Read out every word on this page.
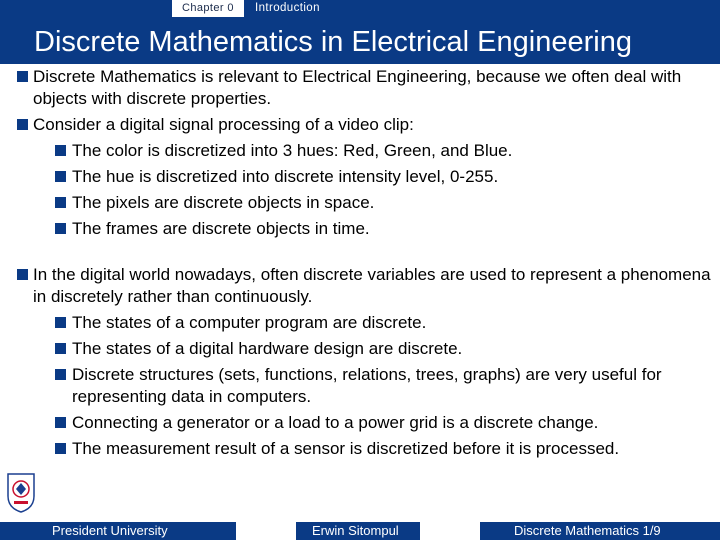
Chapter 0	Introduction
Discrete Mathematics in Electrical Engineering
Discrete Mathematics is relevant to Electrical Engineering, because we often deal with objects with discrete properties.
Consider a digital signal processing of a video clip:
The color is discretized into 3 hues: Red, Green, and Blue.
The hue is discretized into discrete intensity level, 0-255.
The pixels are discrete objects in space.
The frames are discrete objects in time.
In the digital world nowadays, often discrete variables are used to represent a phenomena in discretely rather than continuously.
The states of a computer program are discrete.
The states of a digital hardware design are discrete.
Discrete structures (sets, functions, relations, trees, graphs) are very useful for representing data in computers.
Connecting a generator or a load to a power grid is a discrete change.
The measurement result of a sensor is discretized before it is processed.
President University	Erwin Sitompul	Discrete Mathematics 1/9
